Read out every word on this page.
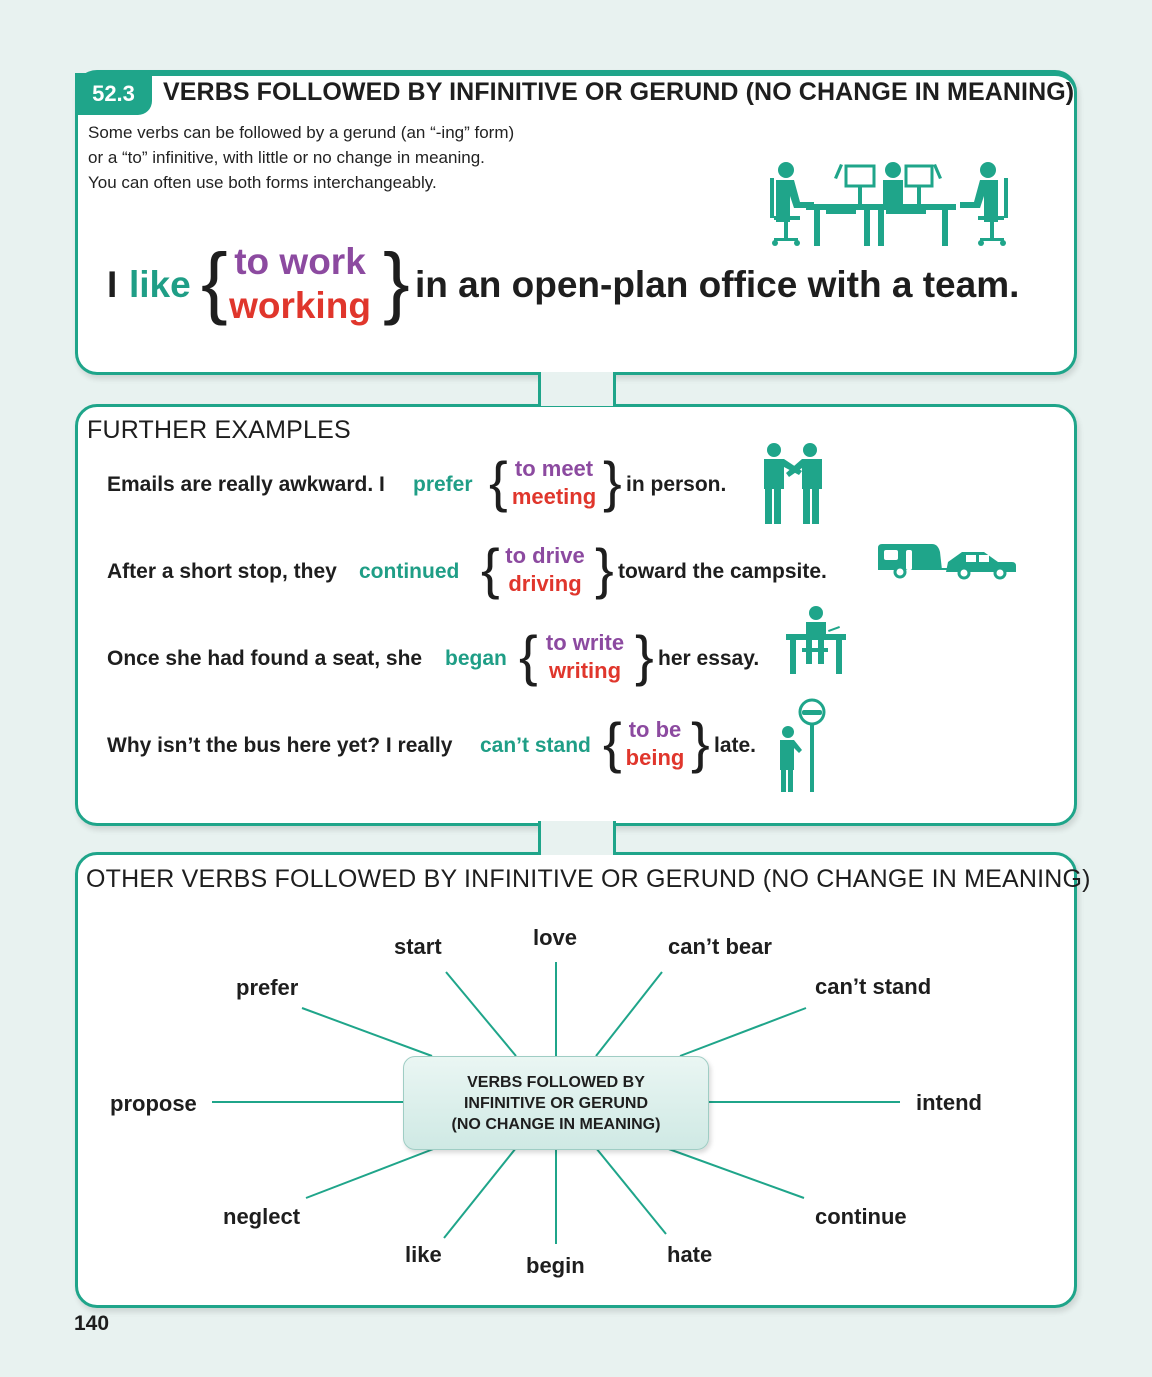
52.3	VERBS FOLLOWED BY INFINITIVE OR GERUND (NO CHANGE IN MEANING)
Some verbs can be followed by a gerund (an “-ing” form)
or a “to” infinitive, with little or no change in meaning.
You can often use both forms interchangeably.
I like { to work
working } in an open-plan office with a team.
FURTHER EXAMPLES
Emails are really awkward. I prefer { to meet
meeting } in person.
After a short stop, they continued { to drive
driving } toward the campsite.
Once she had found a seat, she began { to write
writing } her essay.
Why isn’t the bus here yet? I really can’t stand { to be
being } late.
OTHER VERBS FOLLOWED BY INFINITIVE OR GERUND (NO CHANGE IN MEANING)
VERBS FOLLOWED BY
INFINITIVE OR GERUND
(NO CHANGE IN MEANING)
love	can’t bear
can’t stand
intend
continue
hate
begin
like
neglect
propose
prefer
start
140
